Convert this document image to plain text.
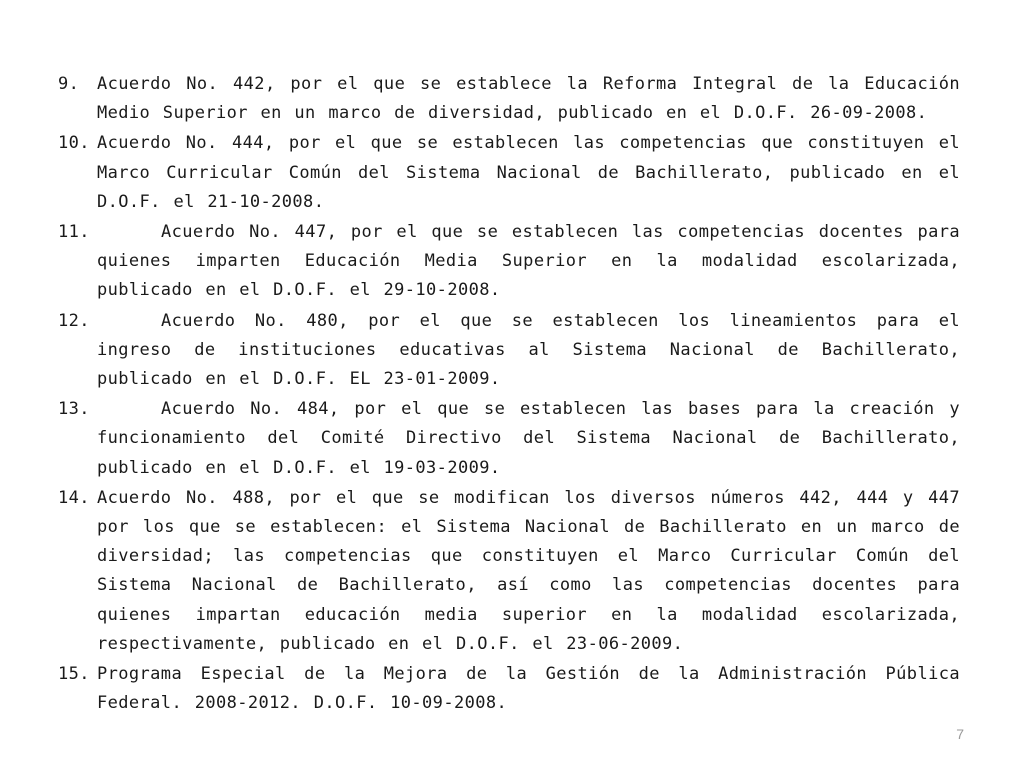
9. Acuerdo No. 442, por el que se establece la Reforma Integral de la Educación Medio Superior en un marco de diversidad, publicado en el D.O.F. 26-09-2008.
10. Acuerdo No. 444, por el que se establecen las competencias que constituyen el Marco Curricular Común del Sistema Nacional de Bachillerato, publicado en el D.O.F. el 21-10-2008.
11.	Acuerdo No. 447, por el que se establecen las competencias docentes para quienes imparten Educación Media Superior en la modalidad escolarizada, publicado en el D.O.F. el 29-10-2008.
12.	Acuerdo No. 480, por el que se establecen los lineamientos para el ingreso de instituciones educativas al Sistema Nacional de Bachillerato, publicado en el D.O.F. EL 23-01-2009.
13.	Acuerdo No. 484, por el que se establecen las bases para la creación y funcionamiento del Comité Directivo del Sistema Nacional de Bachillerato, publicado en el D.O.F. el 19-03-2009.
14. Acuerdo No. 488, por el que se modifican los diversos números 442, 444 y 447 por los que se establecen: el Sistema Nacional de Bachillerato en un marco de diversidad; las competencias que constituyen el Marco Curricular Común del Sistema Nacional de Bachillerato, así como las competencias docentes para quienes impartan educación media superior en la modalidad escolarizada, respectivamente, publicado en el D.O.F. el 23-06-2009.
15. Programa Especial de la Mejora de la Gestión de la Administración Pública Federal. 2008-2012. D.O.F. 10-09-2008.
7
